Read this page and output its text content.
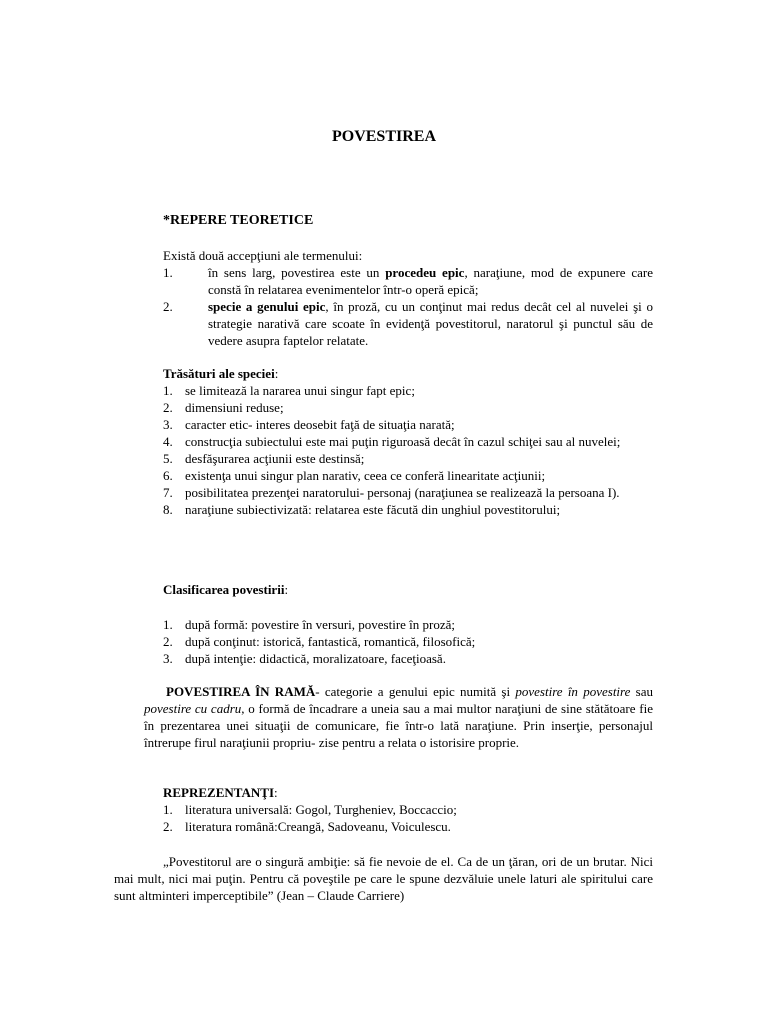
POVESTIREA

*REPERE TEORETICE

Există două accepţiuni ale termenului:

1.	în sens larg, povestirea este un procedeu epic, naraţiune, mod de expunere care constă în relatarea evenimentelor într-o operă epică;
2.	specie a genului epic, în proză, cu un conţinut mai redus decât cel al nuvelei şi o strategie narativă care scoate în evidenţă povestitorul, naratorul şi punctul său de vedere asupra faptelor relatate.

Trăsături ale speciei:

1. se limitează la nararea unui singur fapt epic;
2. dimensiuni reduse;
3. caracter etic- interes deosebit faţă de situaţia narată;
4. construcţia subiectului este mai puţin riguroasă decât în cazul schiţei sau al nuvelei;
5. desfăşurarea acţiunii este destinsă;
6. existenţa unui singur plan narativ, ceea ce conferă linearitate acţiunii;
7. posibilitatea prezenţei naratorului- personaj (naraţiunea se realizează la persoana I).
8. naraţiune subiectivizată: relatarea este făcută din unghiul povestitorului;

Clasificarea povestirii:

1. după formă: povestire în versuri, povestire în proză;
2. după conţinut: istorică, fantastică, romantică, filosofică;
3. după intenţie: didactică, moralizatoare, faceţioasă.

POVESTIREA ÎN RAMĂ- categorie a genului epic numită şi povestire în povestire sau povestire cu cadru, o formă de încadrare a uneia sau a mai multor naraţiuni de sine stătătoare fie în prezentarea unei situaţii de comunicare, fie într-o lată naraţiune. Prin inserţie, personajul întrerupe firul naraţiunii propriu- zise pentru a relata o istorisire proprie.

REPREZENTANŢI:

1. literatura universală: Gogol, Turgheniev, Boccaccio;
2. literatura română:Creangă, Sadoveanu, Voiculescu.

„Povestitorul are o singură ambiţie: să fie nevoie de el. Ca de un ţăran, ori de un brutar. Nici mai mult, nici mai puţin. Pentru că poveştile pe care le spune dezvăluie unele laturi ale spiritului care sunt altminteri imperceptibile” (Jean – Claude Carriere)
